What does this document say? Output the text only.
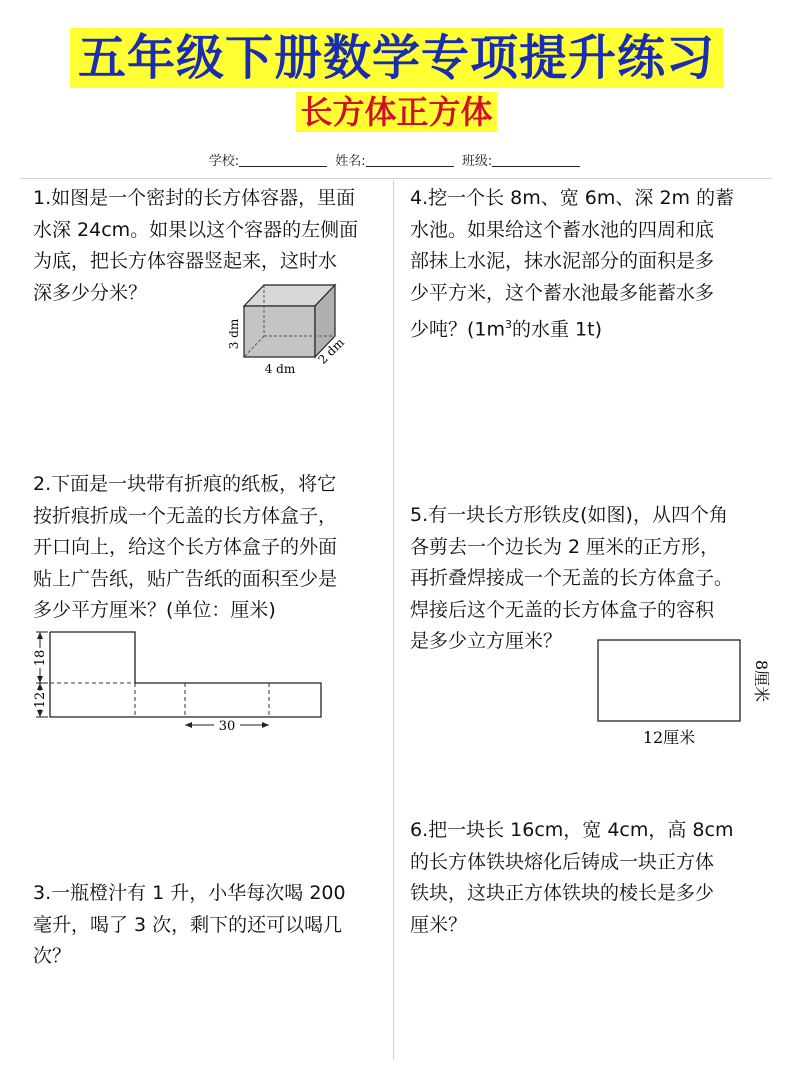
五年级下册数学专项提升练习
长方体正方体
学校:	姓名:	班级:
1.如图是一个密封的长方体容器，里面
水深 24cm。如果以这个容器的左侧面
为底，把长方体容器竖起来，这时水
深多少分米？
3 dm
4 dm
2 dm
2.下面是一块带有折痕的纸板，将它
按折痕折成一个无盖的长方体盒子，
开口向上，给这个长方体盒子的外面
贴上广告纸，贴广告纸的面积至少是
多少平方厘米？(单位：厘米)
18
12
30
3.一瓶橙汁有 1 升，小华每次喝 200
毫升，喝了 3 次，剩下的还可以喝几
次？
4.挖一个长 8m、宽 6m、深 2m 的蓄
水池。如果给这个蓄水池的四周和底
部抹上水泥，抹水泥部分的面积是多
少平方米，这个蓄水池最多能蓄水多
少吨？($1m^3$的水重 1t)
5.有一块长方形铁皮(如图)，从四个角
各剪去一个边长为 2 厘米的正方形，
再折叠焊接成一个无盖的长方体盒子。
焊接后这个无盖的长方体盒子的容积
是多少立方厘米？
12厘米
8厘米
6.把一块长 16cm，宽 4cm，高 8cm
的长方体铁块熔化后铸成一块正方体
铁块，这块正方体铁块的棱长是多少
厘米？
